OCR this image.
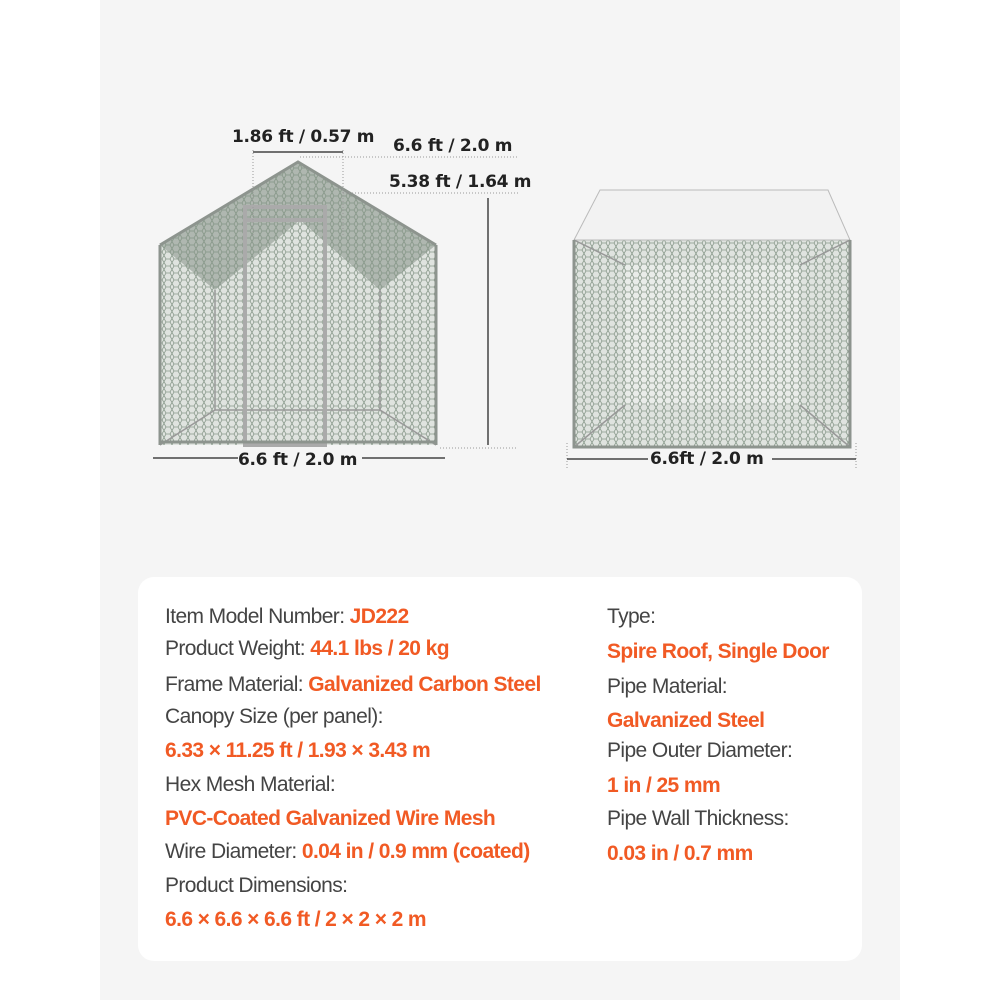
1.86 ft / 0.57 m 6.6 ft / 2.0 m
5.38 ft / 1.64 m
6.6 ft / 2.0 m	6.6ft / 2.0 m
Item Model Number: JD222
Product Weight: 44.1 lbs / 20 kg
Frame Material: Galvanized Carbon Steel
Canopy Size (per panel):
6.33 × 11.25 ft / 1.93 × 3.43 m
Hex Mesh Material:
PVC-Coated Galvanized Wire Mesh
Wire Diameter: 0.04 in / 0.9 mm (coated)
Product Dimensions:
6.6 × 6.6 × 6.6 ft / 2 × 2 × 2 m
Type:
Spire Roof, Single Door
Pipe Material:
Galvanized Steel
Pipe Outer Diameter:
1 in / 25 mm
Pipe Wall Thickness:
0.03 in / 0.7 mm
